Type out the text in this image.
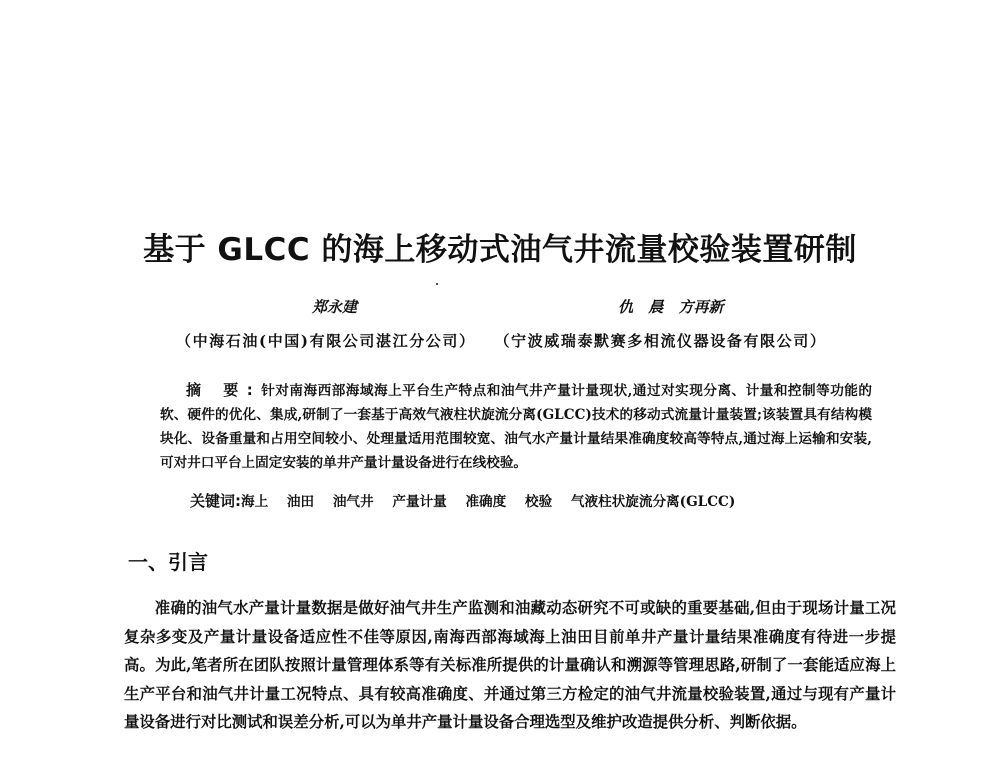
基于 GLCC 的海上移动式油气井流量校验装置研制
郑永建	仇 晨 方再新
（中海石油(中国)有限公司湛江分公司） （宁波威瑞泰默赛多相流仪器设备有限公司）

摘 要:针对南海西部海域海上平台生产特点和油气井产量计量现状,通过对实现分离、计量和控制等功能的软、硬件的优化、集成,研制了一套基于高效气液柱状旋流分离(GLCC)技术的移动式流量计量装置;该装置具有结构模块化、设备重量和占用空间较小、处理量适用范围较宽、油气水产量计量结果准确度较高等特点,通过海上运输和安装,可对井口平台上固定安装的单井产量计量设备进行在线校验。

关键词:海上 油田 油气井 产量计量 准确度 校验 气液柱状旋流分离(GLCC)

一、引言

准确的油气水产量计量数据是做好油气井生产监测和油藏动态研究不可或缺的重要基础,但由于现场计量工况复杂多变及产量计量设备适应性不佳等原因,南海西部海域海上油田目前单井产量计量结果准确度有待进一步提高。为此,笔者所在团队按照计量管理体系等有关标准所提供的计量确认和溯源等管理思路,研制了一套能适应海上生产平台和油气井计量工况特点、具有较高准确度、并通过第三方检定的油气井流量校验装置,通过与现有产量计量设备进行对比测试和误差分析,可以为单井产量计量设备合理选型及维护改造提供分析、判断依据。
